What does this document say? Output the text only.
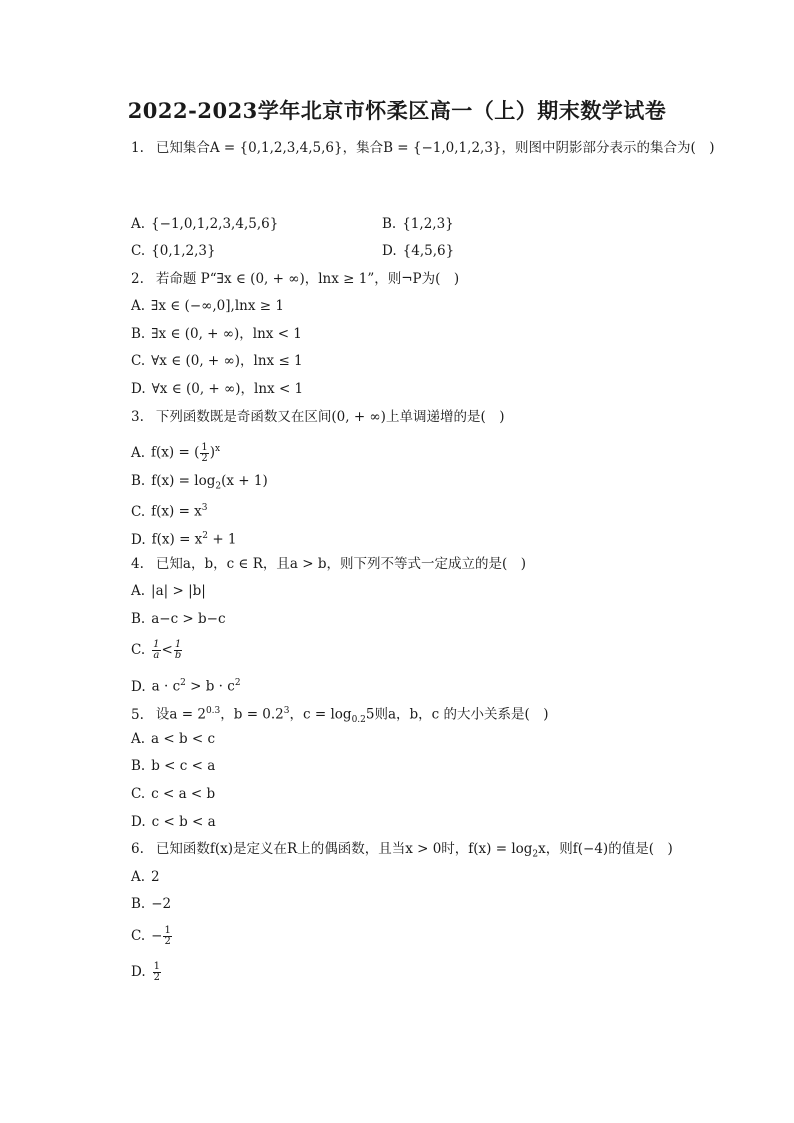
2022-2023学年北京市怀柔区高一（上）期末数学试卷
1. 已知集合A = {0,1,2,3,4,5,6}，集合B = {−1,0,1,2,3}，则图中阴影部分表示的集合为(　)
A. {−1,0,1,2,3,4,5,6}	B. {1,2,3}
C. {0,1,2,3}	D. {4,5,6}
2. 若命题 P“∃x ∈ (0, + ∞)，lnx ≥ 1”，则¬P为(　)
A. ∃x ∈ (−∞,0],lnx ≥ 1
B. ∃x ∈ (0, + ∞)，lnx < 1
C. ∀x ∈ (0, + ∞)，lnx ≤ 1
D. ∀x ∈ (0, + ∞)，lnx < 1
3. 下列函数既是奇函数又在区间(0, + ∞)上单调递增的是(　)
A. f(x) = ( $\frac{1}{2} )^x$
B. $f(x) = \log_2(x + 1)$
C. $f(x) = x^3$
D. $f(x) = x^2 + 1$
4. 已知a，b，c ∈ R，且a > b，则下列不等式一定成立的是(　)
A. |a| > |b|
B. a−c > b−c
C. $\frac{1}{a} < \frac{1}{b}$
D. $a \cdot c^2 > b \cdot c^2$
5. 设$a = 2^{0.3}$，$b = 0.2^3$，$c = \log_{0.2}5$则a，b，c 的大小关系是(　)
A. a < b < c
B. b < c < a
C. c < a < b
D. c < b < a
6. 已知函数f(x)是定义在R上的偶函数，且当x > 0时，$f(x) = \log_2x$，则f(−4)的值是(　)
A. 2
B. −2
C. − $\frac{1}{2}$
D. $\frac{1}{2}$
